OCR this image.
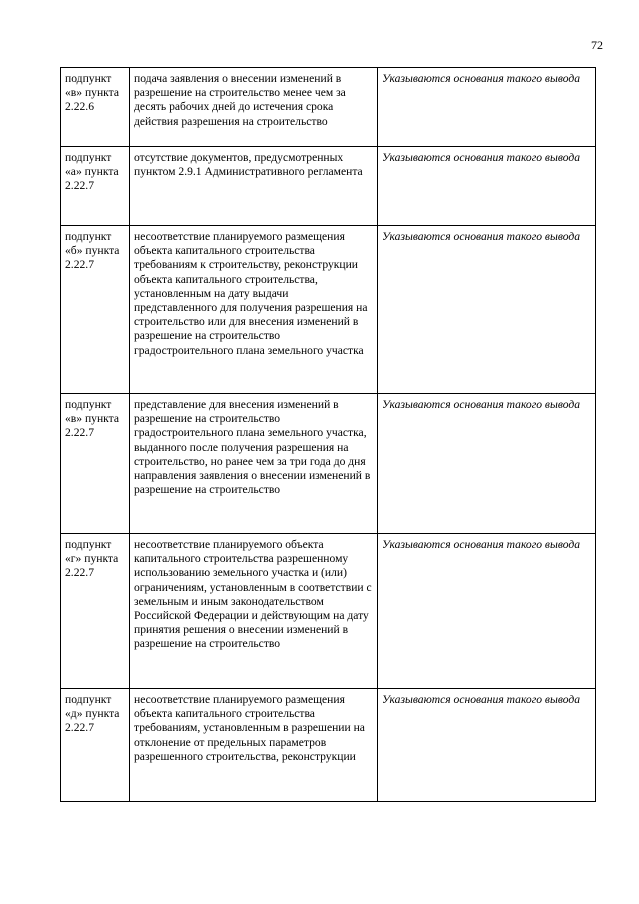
72
подпункт «в» пункта 2.22.6	подача заявления о внесении изменений в разрешение на строительство менее чем за десять рабочих дней до истечения срока действия разрешения на строительство	Указываются основания такого вывода

подпункт «а» пункта 2.22.7	отсутствие документов, предусмотренных пунктом 2.9.1 Административного регламента	Указываются основания такого вывода

подпункт «б» пункта 2.22.7	несоответствие планируемого размещения объекта капитального строительства требованиям к строительству, реконструкции объекта капитального строительства, установленным на дату выдачи представленного для получения разрешения на строительство или для внесения изменений в разрешение на строительство градостроительного плана земельного участка	Указываются основания такого вывода

подпункт «в» пункта 2.22.7	представление для внесения изменений в разрешение на строительство градостроительного плана земельного участка, выданного после получения разрешения на строительство, но ранее чем за три года до дня направления заявления о внесении изменений в разрешение на строительство	Указываются основания такого вывода

подпункт «г» пункта 2.22.7	несоответствие планируемого объекта капитального строительства разрешенному использованию земельного участка и (или) ограничениям, установленным в соответствии с земельным и иным законодательством Российской Федерации и действующим на дату принятия решения о внесении изменений в разрешение на строительство	Указываются основания такого вывода

подпункт «д» пункта 2.22.7	несоответствие планируемого размещения объекта капитального строительства требованиям, установленным в разрешении на отклонение от предельных параметров разрешенного строительства, реконструкции	Указываются основания такого вывода
